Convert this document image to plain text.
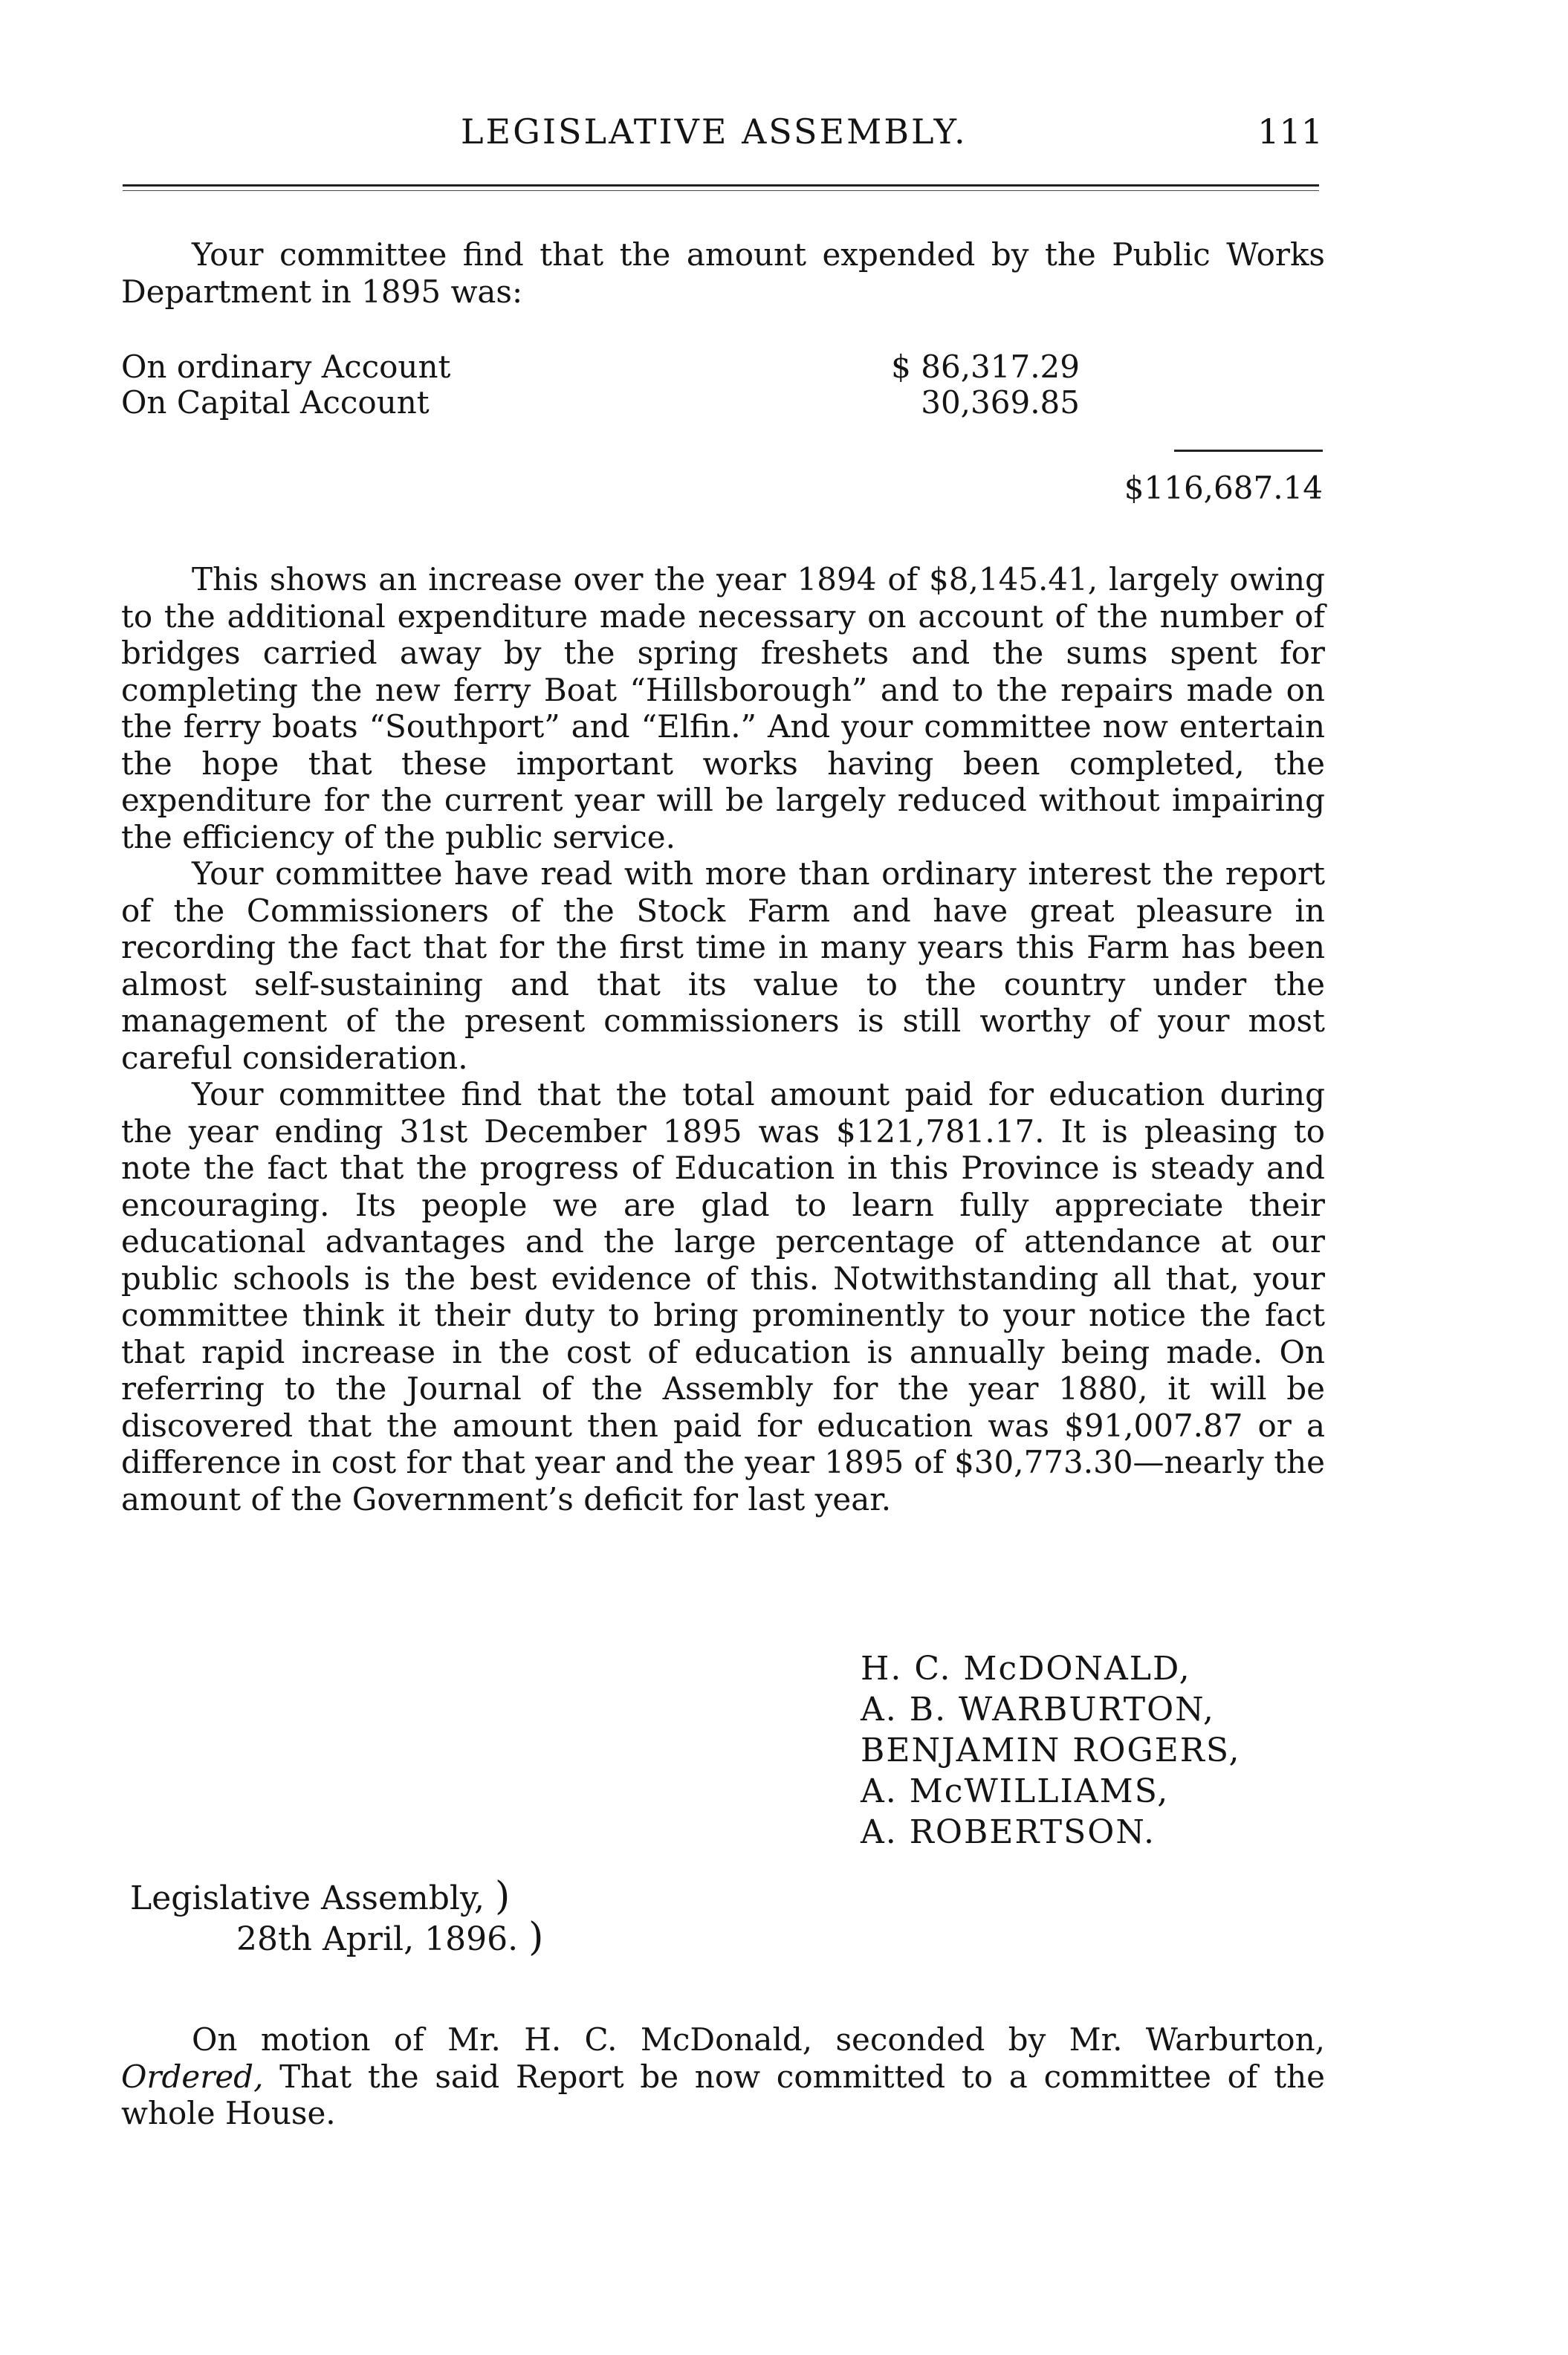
LEGISLATIVE ASSEMBLY.	111

Your committee find that the amount expended by the Public Works Department in 1895 was:

On ordinary Account	$ 86,317.29
On Capital Account	30,369.85
$116,687.14

This shows an increase over the year 1894 of $8,145.41, largely owing to the additional expenditure made necessary on account of the number of bridges carried away by the spring freshets and the sums spent for completing the new ferry Boat “Hillsborough” and to the repairs made on the ferry boats “Southport” and “Elfin.” And your committee now entertain the hope that these important works having been completed, the expenditure for the current year will be largely reduced without impairing the efficiency of the public service.

Your committee have read with more than ordinary interest the report of the Commissioners of the Stock Farm and have great pleasure in recording the fact that for the first time in many years this Farm has been almost self-sustaining and that its value to the country under the management of the present commissioners is still worthy of your most careful consideration.

Your committee find that the total amount paid for education during the year ending 31st December 1895 was $121,781.17. It is pleasing to note the fact that the progress of Education in this Province is steady and encouraging. Its people we are glad to learn fully appreciate their educational advantages and the large percentage of attendance at our public schools is the best evidence of this. Notwithstanding all that, your committee think it their duty to bring prominently to your notice the fact that rapid increase in the cost of education is annually being made. On referring to the Journal of the Assembly for the year 1880, it will be discovered that the amount then paid for education was $91,007.87 or a difference in cost for that year and the year 1895 of $30,773.30—nearly the amount of the Government’s deficit for last year.

H. C. McDONALD,
A. B. WARBURTON,
BENJAMIN ROGERS,
A. McWILLIAMS,
A. ROBERTSON.
Legislative Assembly, )
28th April, 1896. )

On motion of Mr. H. C. McDonald, seconded by Mr. Warburton, Ordered, That the said Report be now committed to a committee of the whole House.
